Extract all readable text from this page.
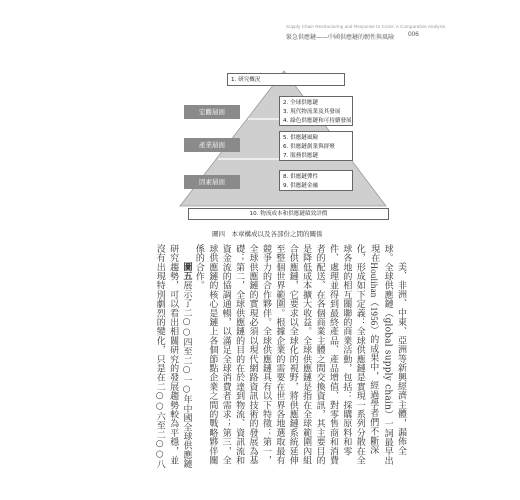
Supply Chain Restructuring and Response to Crisis: A Comparative Analysis
緊急供應鏈——中國供應鏈的韌性與風險 006
1. 研究概況
宏觀層面
2. 全球供應鏈
3. 現代物流業及其發展
4. 綠色供應鏈和可持續發展
產業層面
5. 供應鏈風險
6. 供應鏈創業與群聚
7. 服務供應鏈
因素層面
8. 供應鏈彈性
9. 供應鏈金融
10. 物流成本和供應鏈績效評價
圖四　本章構成以及各部份之間的關係

美、非洲、中東、亞洲等新興經濟主體，漏佈全球。全球供應鏈（global supply chain）一詞最早出現在Houlihan（1956）的成果中，經過學者們不斷深化，形成如下定義：全球供應鏈是實現一系列分散在全球各地的相互關聯的商業活動，包括：採購原料和零件、處理並得到最終產品、產品增值、對零售商和消費者的配送、在各個商業主體之間交換資訊，其主要目的是降低成本擴大收益。全球供應鏈是指在全球範圍內組合供應鏈，它要求以全球化的視野，將供應鏈系統延伸至整個世界範圍。根據企業的需要在世界各地選取最有競爭力的合作夥伴。全球供應鏈具有以下特徵：第一，全球供應鏈的實現必須以現代網路資訊技術的發展為基礎；第二，全球供應鏈的目的在於達到物流、資訊流和資金流的協調通暢，以滿足全球消費者需求；第三，全球供應鏈的核心是鏈上各個節點企業之間的戰略夥伴關係的合作。

圖五展示了二○○四至二○一○年中國全球供應鏈研究趨勢，可以看出相關研究的發展趨勢較為平穩，並沒有出現特別劇烈的變化，只是在二○○六至二○○八
